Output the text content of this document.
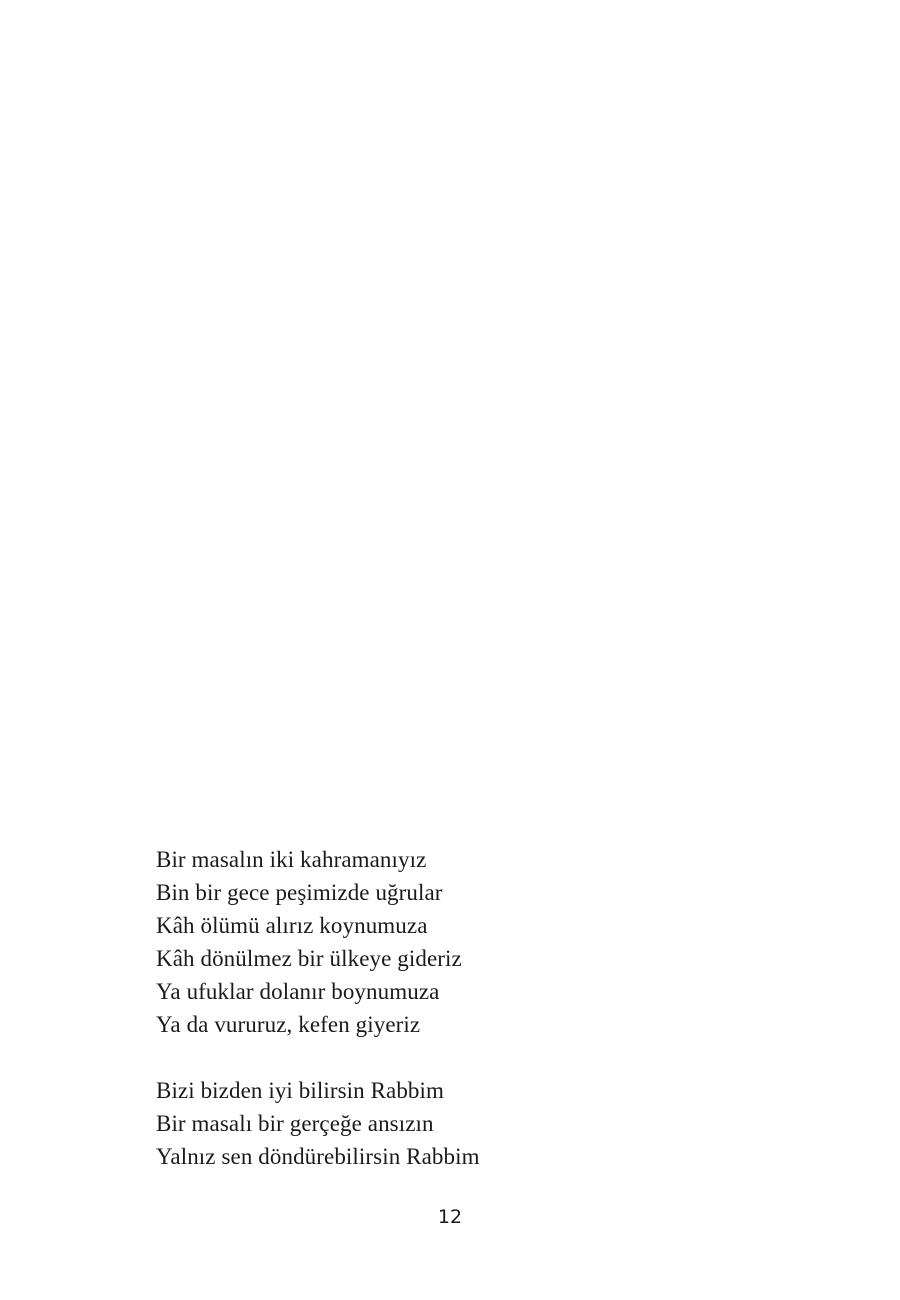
Bir masalın iki kahramanıyız
Bin bir gece peşimizde uğrular
Kâh ölümü alırız koynumuza
Kâh dönülmez bir ülkeye gideriz
Ya ufuklar dolanır boynumuza
Ya da vururuz, kefen giyeriz
Bizi bizden iyi bilirsin Rabbim
Bir masalı bir gerçeğe ansızın
Yalnız sen döndürebilirsin Rabbim
12
